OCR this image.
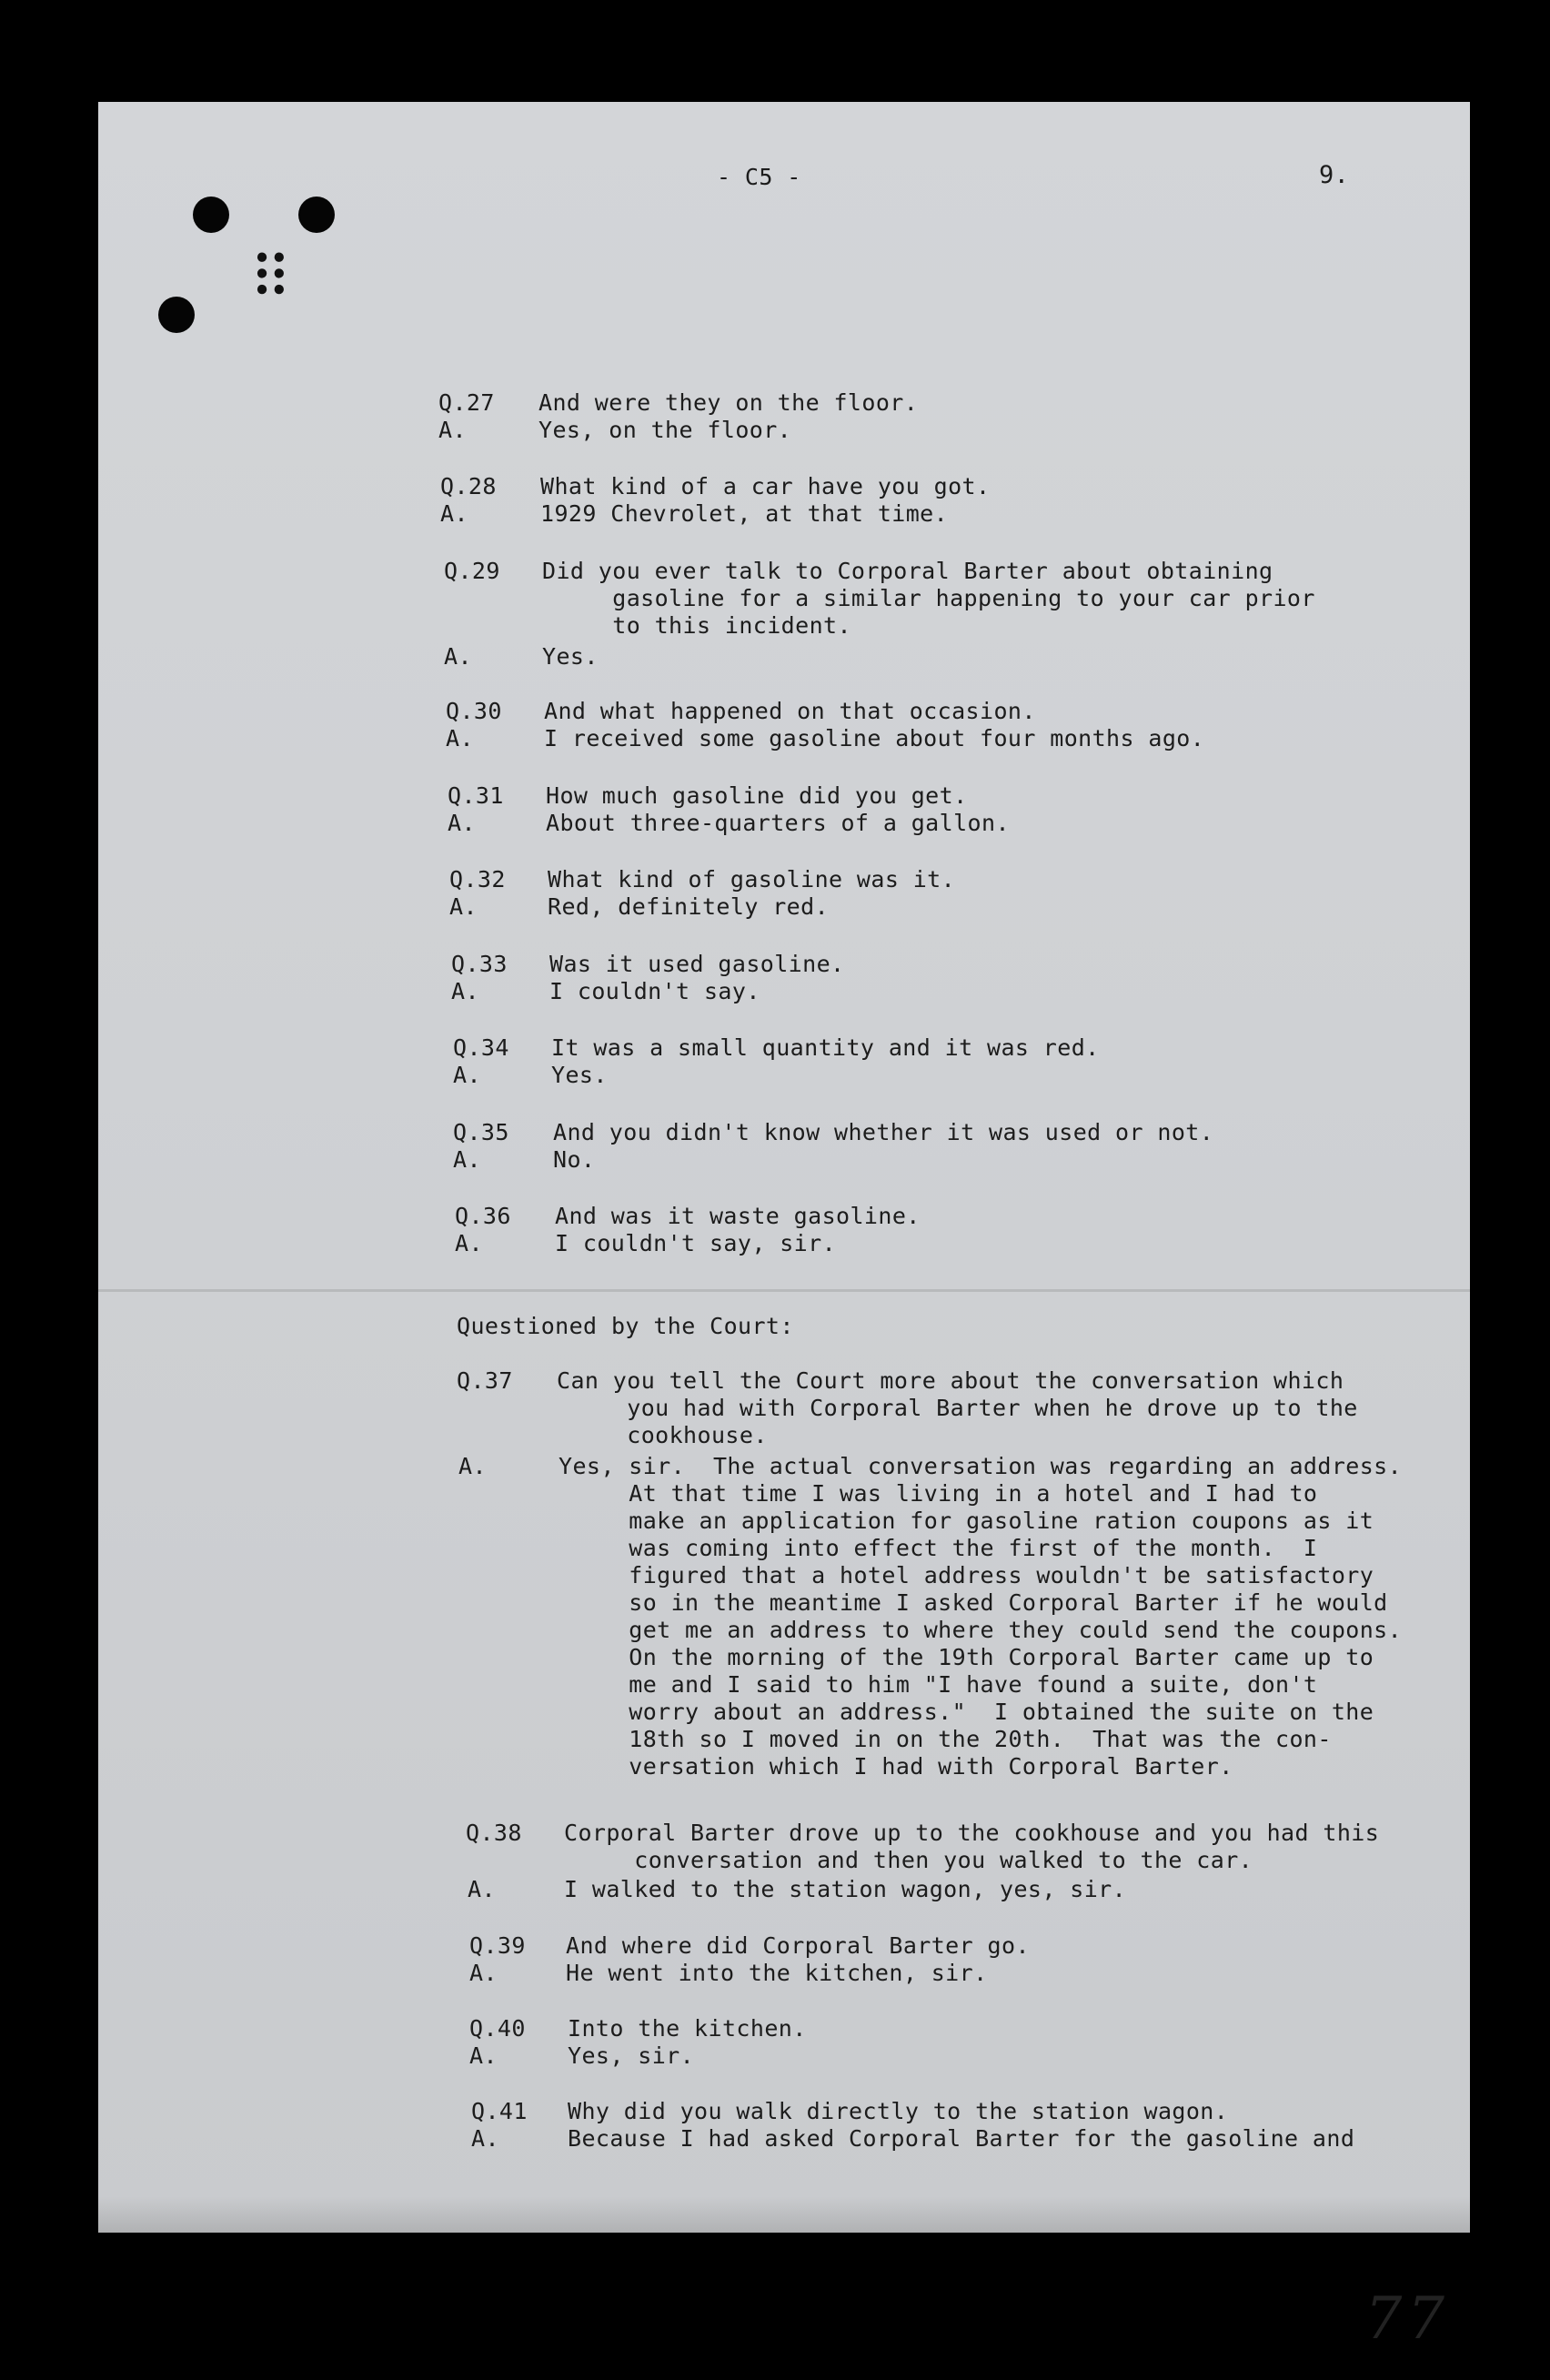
⠿
- C5 -	9.
Q.27 And were they on the floor.
A.	Yes, on the floor.
Q.28 What kind of a car have you got.
A.	1929 Chevrolet, at that time.
Q.29 Did you ever talk to Corporal Barter about obtaining
gasoline for a similar happening to your car prior
to this incident.
A.	Yes.
Q.30 And what happened on that occasion.
A.	I received some gasoline about four months ago.
Q.31 How much gasoline did you get.
A.	About three-quarters of a gallon.
Q.32 What kind of gasoline was it.
A.	Red, definitely red.
Q.33 Was it used gasoline.
A.	I couldn't say.
Q.34 It was a small quantity and it was red.
A.	Yes.
Q.35 And you didn't know whether it was used or not.
A.	No.
Q.36 And was it waste gasoline.
A.	I couldn't say, sir.
Questioned by the Court:
Q.37 Can you tell the Court more about the conversation which
you had with Corporal Barter when he drove up to the
cookhouse.
A.	Yes, sir.  The actual conversation was regarding an address.
At that time I was living in a hotel and I had to
make an application for gasoline ration coupons as it
was coming into effect the first of the month.  I
figured that a hotel address wouldn't be satisfactory
so in the meantime I asked Corporal Barter if he would
get me an address to where they could send the coupons.
On the morning of the 19th Corporal Barter came up to
me and I said to him "I have found a suite, don't
worry about an address."  I obtained the suite on the
18th so I moved in on the 20th.  That was the con-
versation which I had with Corporal Barter.
Q.38 Corporal Barter drove up to the cookhouse and you had this
conversation and then you walked to the car.
A.	I walked to the station wagon, yes, sir.
Q.39 And where did Corporal Barter go.
A.	He went into the kitchen, sir.
Q.40 Into the kitchen.
A.	Yes, sir.
Q.41 Why did you walk directly to the station wagon.
A.	Because I had asked Corporal Barter for the gasoline and
77
